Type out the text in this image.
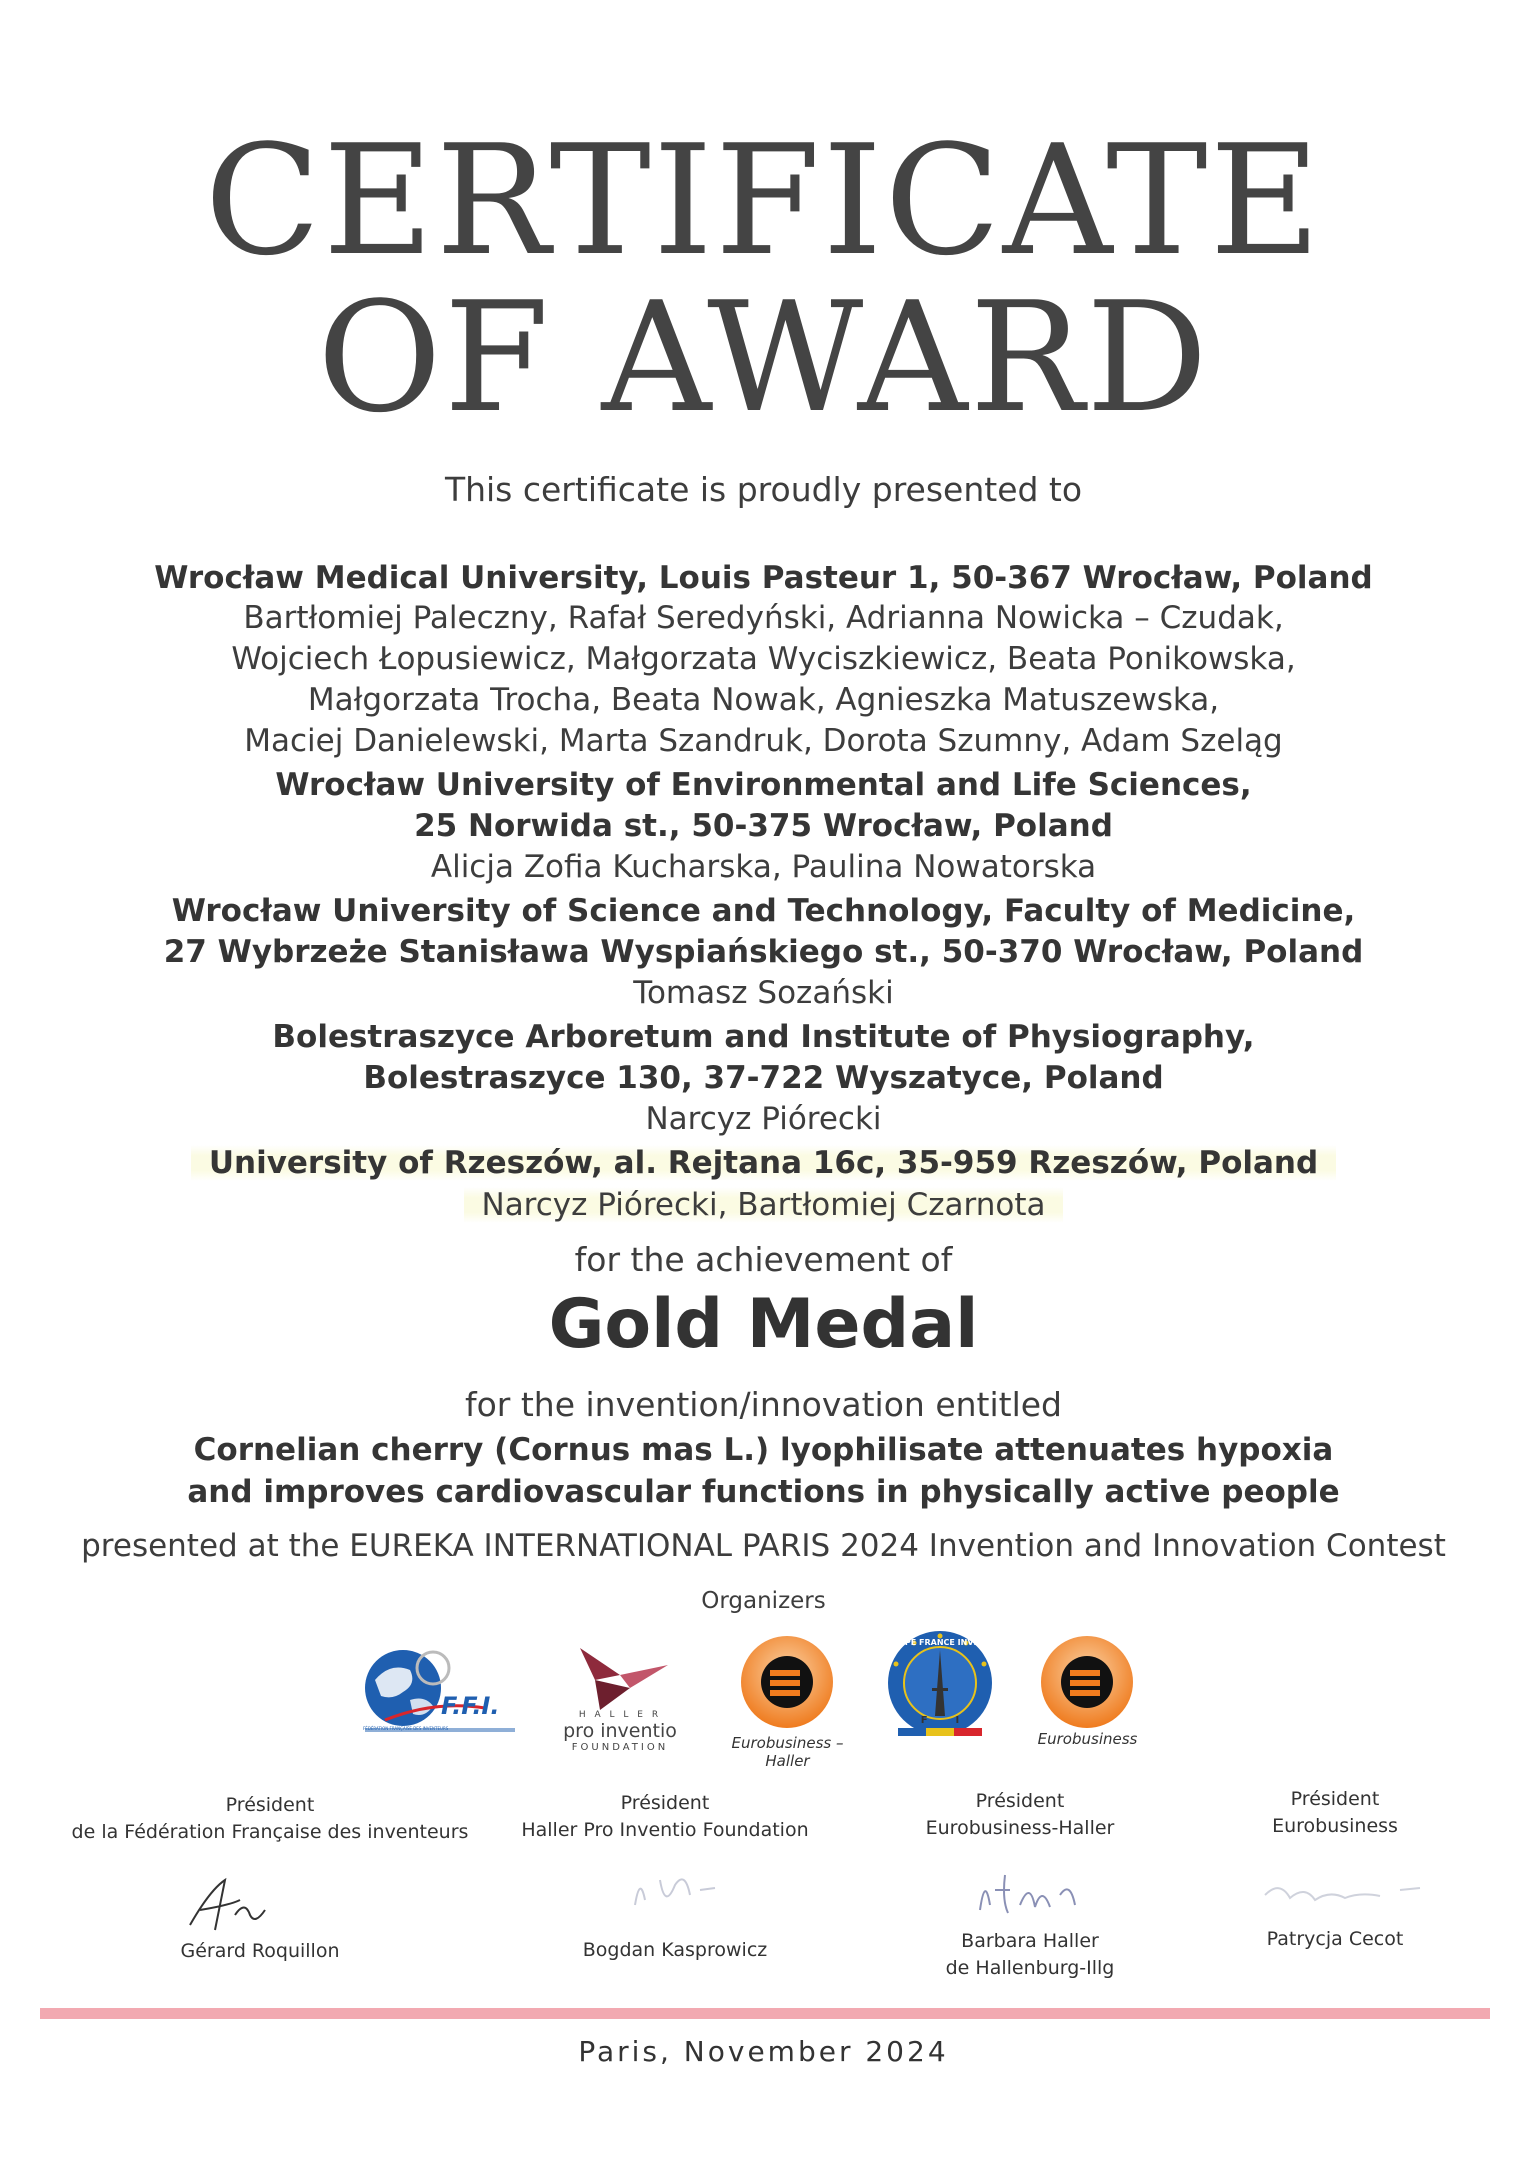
CERTIFICATE
OF AWARD
This certificate is proudly presented to
Wrocław Medical University, Louis Pasteur 1, 50-367 Wrocław, Poland
Bartłomiej Paleczny, Rafał Seredyński, Adrianna Nowicka – Czudak,
Wojciech Łopusiewicz, Małgorzata Wyciszkiewicz, Beata Ponikowska,
Małgorzata Trocha, Beata Nowak, Agnieszka Matuszewska,
Maciej Danielewski, Marta Szandruk, Dorota Szumny, Adam Szeląg
Wrocław University of Environmental and Life Sciences,
25 Norwida st., 50-375 Wrocław, Poland
Alicja Zofia Kucharska, Paulina Nowatorska
Wrocław University of Science and Technology, Faculty of Medicine,
27 Wybrzeże Stanisława Wyspiańskiego st., 50-370 Wrocław, Poland
Tomasz Sozański
Bolestraszyce Arboretum and Institute of Physiography,
Bolestraszyce 130, 37-722 Wyszatyce, Poland
Narcyz Piórecki
University of Rzeszów, al. Rejtana 16c, 35-959 Rzeszów, Poland
Narcyz Piórecki, Bartłomiej Czarnota
for the achievement of
Gold Medal
for the invention/innovation entitled
Cornelian cherry (Cornus mas L.) lyophilisate attenuates hypoxia
and improves cardiovascular functions in physically active people
presented at the EUREKA INTERNATIONAL PARIS 2024 Invention and Innovation Contest
Organizers
F.F.I.
FÉDÉRATION FRANÇAISE DES INVENTEURS
H A L L E R
pro inventio
FOUNDATION	Eurobusiness – Haller
EUROPE FRANCE INVENTEURS
F        I
Eurobusiness
Président
de la Fédération Française des inventeurs
Président
Haller Pro Inventio Foundation
Président
Eurobusiness-Haller
Président
Eurobusiness
Gérard Roquillon	Bogdan Kasprowicz	Barbara Haller
de Hallenburg-Illg
Patrycja Cecot
Paris, November 2024
